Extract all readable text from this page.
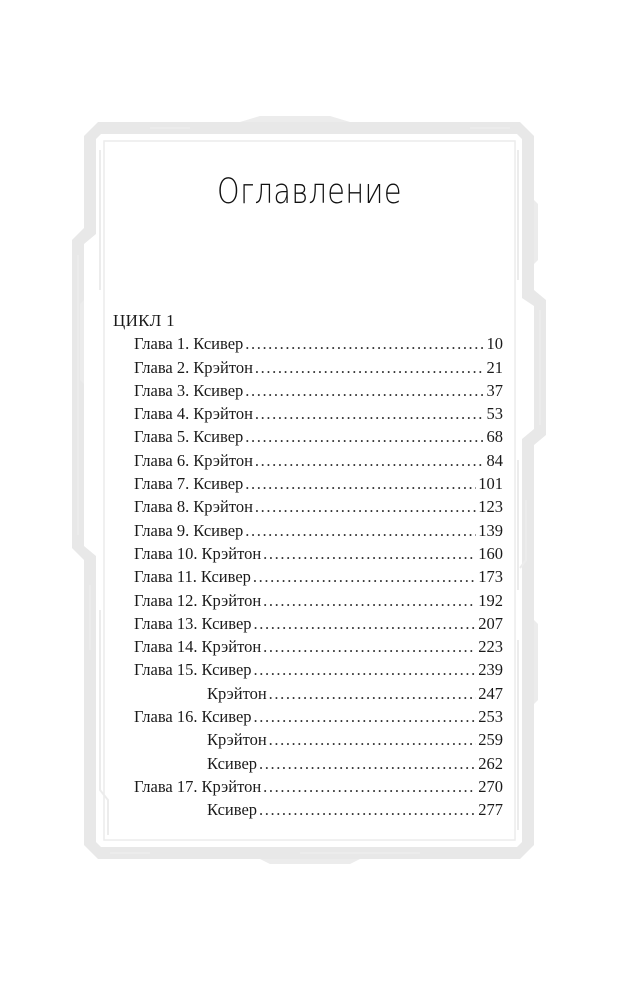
Оглавление
ЦИКЛ 1
Глава 1. Ксивер .....	10
Глава 2. Крэйтон .....	21
Глава 3. Ксивер .....	37
Глава 4. Крэйтон .....	53
Глава 5. Ксивер .....	68
Глава 6. Крэйтон .....	84
Глава 7. Ксивер .....	101
Глава 8. Крэйтон .....	123
Глава 9. Ксивер .....	139
Глава 10. Крэйтон .....	160
Глава 11. Ксивер .....	173
Глава 12. Крэйтон .....	192
Глава 13. Ксивер .....	207
Глава 14. Крэйтон .....	223
Глава 15. Ксивер .....	239
Крэйтон .....	247
Глава 16. Ксивер .....	253
Крэйтон .....	259
Ксивер .....	262
Глава 17. Крэйтон .....	270
Ксивер .....	277
